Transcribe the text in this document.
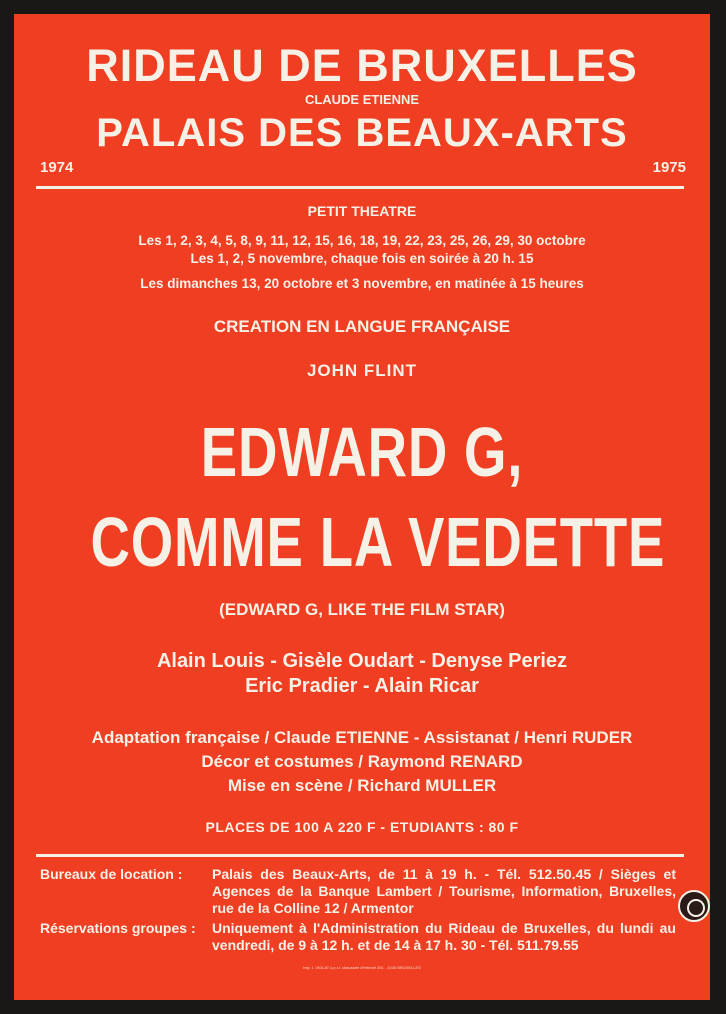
RIDEAU DE BRUXELLES
CLAUDE ETIENNE
PALAIS DES BEAUX-ARTS
1974	1975
PETIT THEATRE
Les 1, 2, 3, 4, 5, 8, 9, 11, 12, 15, 16, 18, 19, 22, 23, 25, 26, 29, 30 octobre
Les 1, 2, 5 novembre, chaque fois en soirée à 20 h. 15
Les dimanches 13, 20 octobre et 3 novembre, en matinée à 15 heures
CREATION EN LANGUE FRANÇAISE
JOHN FLINT
EDWARD G,
COMME LA VEDETTE
(EDWARD G, LIKE THE FILM STAR)
Alain Louis - Gisèle Oudart - Denyse Periez
Eric Pradier - Alain Ricar
Adaptation française / Claude ETIENNE - Assistanat / Henri RUDER
Décor et costumes / Raymond RENARD
Mise en scène / Richard MULLER
PLACES DE 100 A 220 F - ETUDIANTS : 80 F
Bureaux de location : Palais des Beaux-Arts, de 11 à 19 h. - Tél. 512.50.45 / Sièges et Agences de la Banque Lambert / Tourisme, Information, Bruxelles, rue de la Colline 12 / Armentor
Réservations groupes : Uniquement à l'Administration du Rideau de Bruxelles, du lundi au vendredi, de 9 à 12 h. et de 14 à 17 h. 30 - Tél. 511.79.55
Imp. I. VIGLAT s.p.r.l. chaussée d'Helmet 201 - 1030 BRUXELLES
